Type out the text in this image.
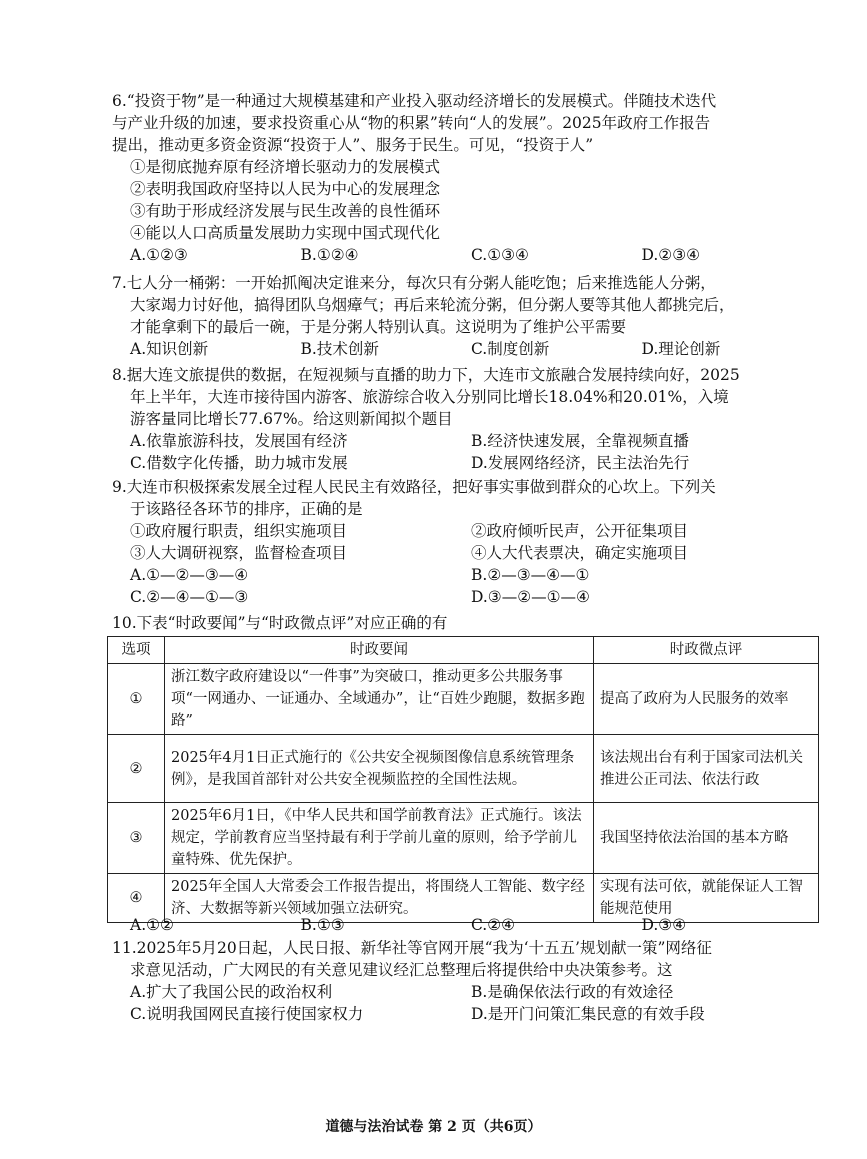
6.“投资于物”是一种通过大规模基建和产业投入驱动经济增长的发展模式。伴随技术迭代

与产业升级的加速，要求投资重心从“物的积累”转向“人的发展”。2025年政府工作报告

提出，推动更多资金资源“投资于人”、服务于民生。可见，“投资于人”

①是彻底抛弃原有经济增长驱动力的发展模式

②表明我国政府坚持以人民为中心的发展理念

③有助于形成经济发展与民生改善的良性循环

④能以人口高质量发展助力实现中国式现代化

A.①②③	B.①②④	C.①③④	D.②③④

7.七人分一桶粥：一开始抓阄决定谁来分，每次只有分粥人能吃饱；后来推选能人分粥，

大家竭力讨好他，搞得团队乌烟瘴气；再后来轮流分粥，但分粥人要等其他人都挑完后，

才能拿剩下的最后一碗，于是分粥人特别认真。这说明为了维护公平需要

A.知识创新	B.技术创新	C.制度创新	D.理论创新

8.据大连文旅提供的数据，在短视频与直播的助力下，大连市文旅融合发展持续向好，2025

年上半年，大连市接待国内游客、旅游综合收入分别同比增长18.04%和20.01%，入境

游客量同比增长77.67%。给这则新闻拟个题目

A.依靠旅游科技，发展国有经济	B.经济快速发展，全靠视频直播
C.借数字化传播，助力城市发展	D.发展网络经济，民主法治先行

9.大连市积极探索发展全过程人民民主有效路径，把好事实事做到群众的心坎上。下列关

于该路径各环节的排序，正确的是

①政府履行职责，组织实施项目	②政府倾听民声，公开征集项目
③人大调研视察，监督检查项目	④人大代表票决，确定实施项目
A.①—②—③—④	B.②—③—④—①
C.②—④—①—③	D.③—②—①—④

10.下表“时政要闻”与“时政微点评”对应正确的有

选项	时政要闻	时政微点评
①	浙江数字政府建设以“一件事”为突破口，推动更多公共服务事项“一网通办、一证通办、全域通办”，让“百姓少跑腿，数据多跑路”	提高了政府为人民服务的效率
②	2025年4月1日正式施行的《公共安全视频图像信息系统管理条例》，是我国首部针对公共安全视频监控的全国性法规。	该法规出台有利于国家司法机关推进公正司法、依法行政
③	2025年6月1日，《中华人民共和国学前教育法》正式施行。该法规定，学前教育应当坚持最有利于学前儿童的原则，给予学前儿童特殊、优先保护。	我国坚持依法治国的基本方略
④	2025年全国人大常委会工作报告提出，将围绕人工智能、数字经济、大数据等新兴领域加强立法研究。	实现有法可依，就能保证人工智能规范使用
A.①②	B.①③	C.②④	D.③④

11.2025年5月20日起，人民日报、新华社等官网开展“我为‘十五五’规划献一策”网络征

求意见活动，广大网民的有关意见建议经汇总整理后将提供给中央决策参考。这

A.扩大了我国公民的政治权利	B.是确保依法行政的有效途径
C.说明我国网民直接行使国家权力	D.是开门问策汇集民意的有效手段
道德与法治试卷 第 2 页（共6页）
